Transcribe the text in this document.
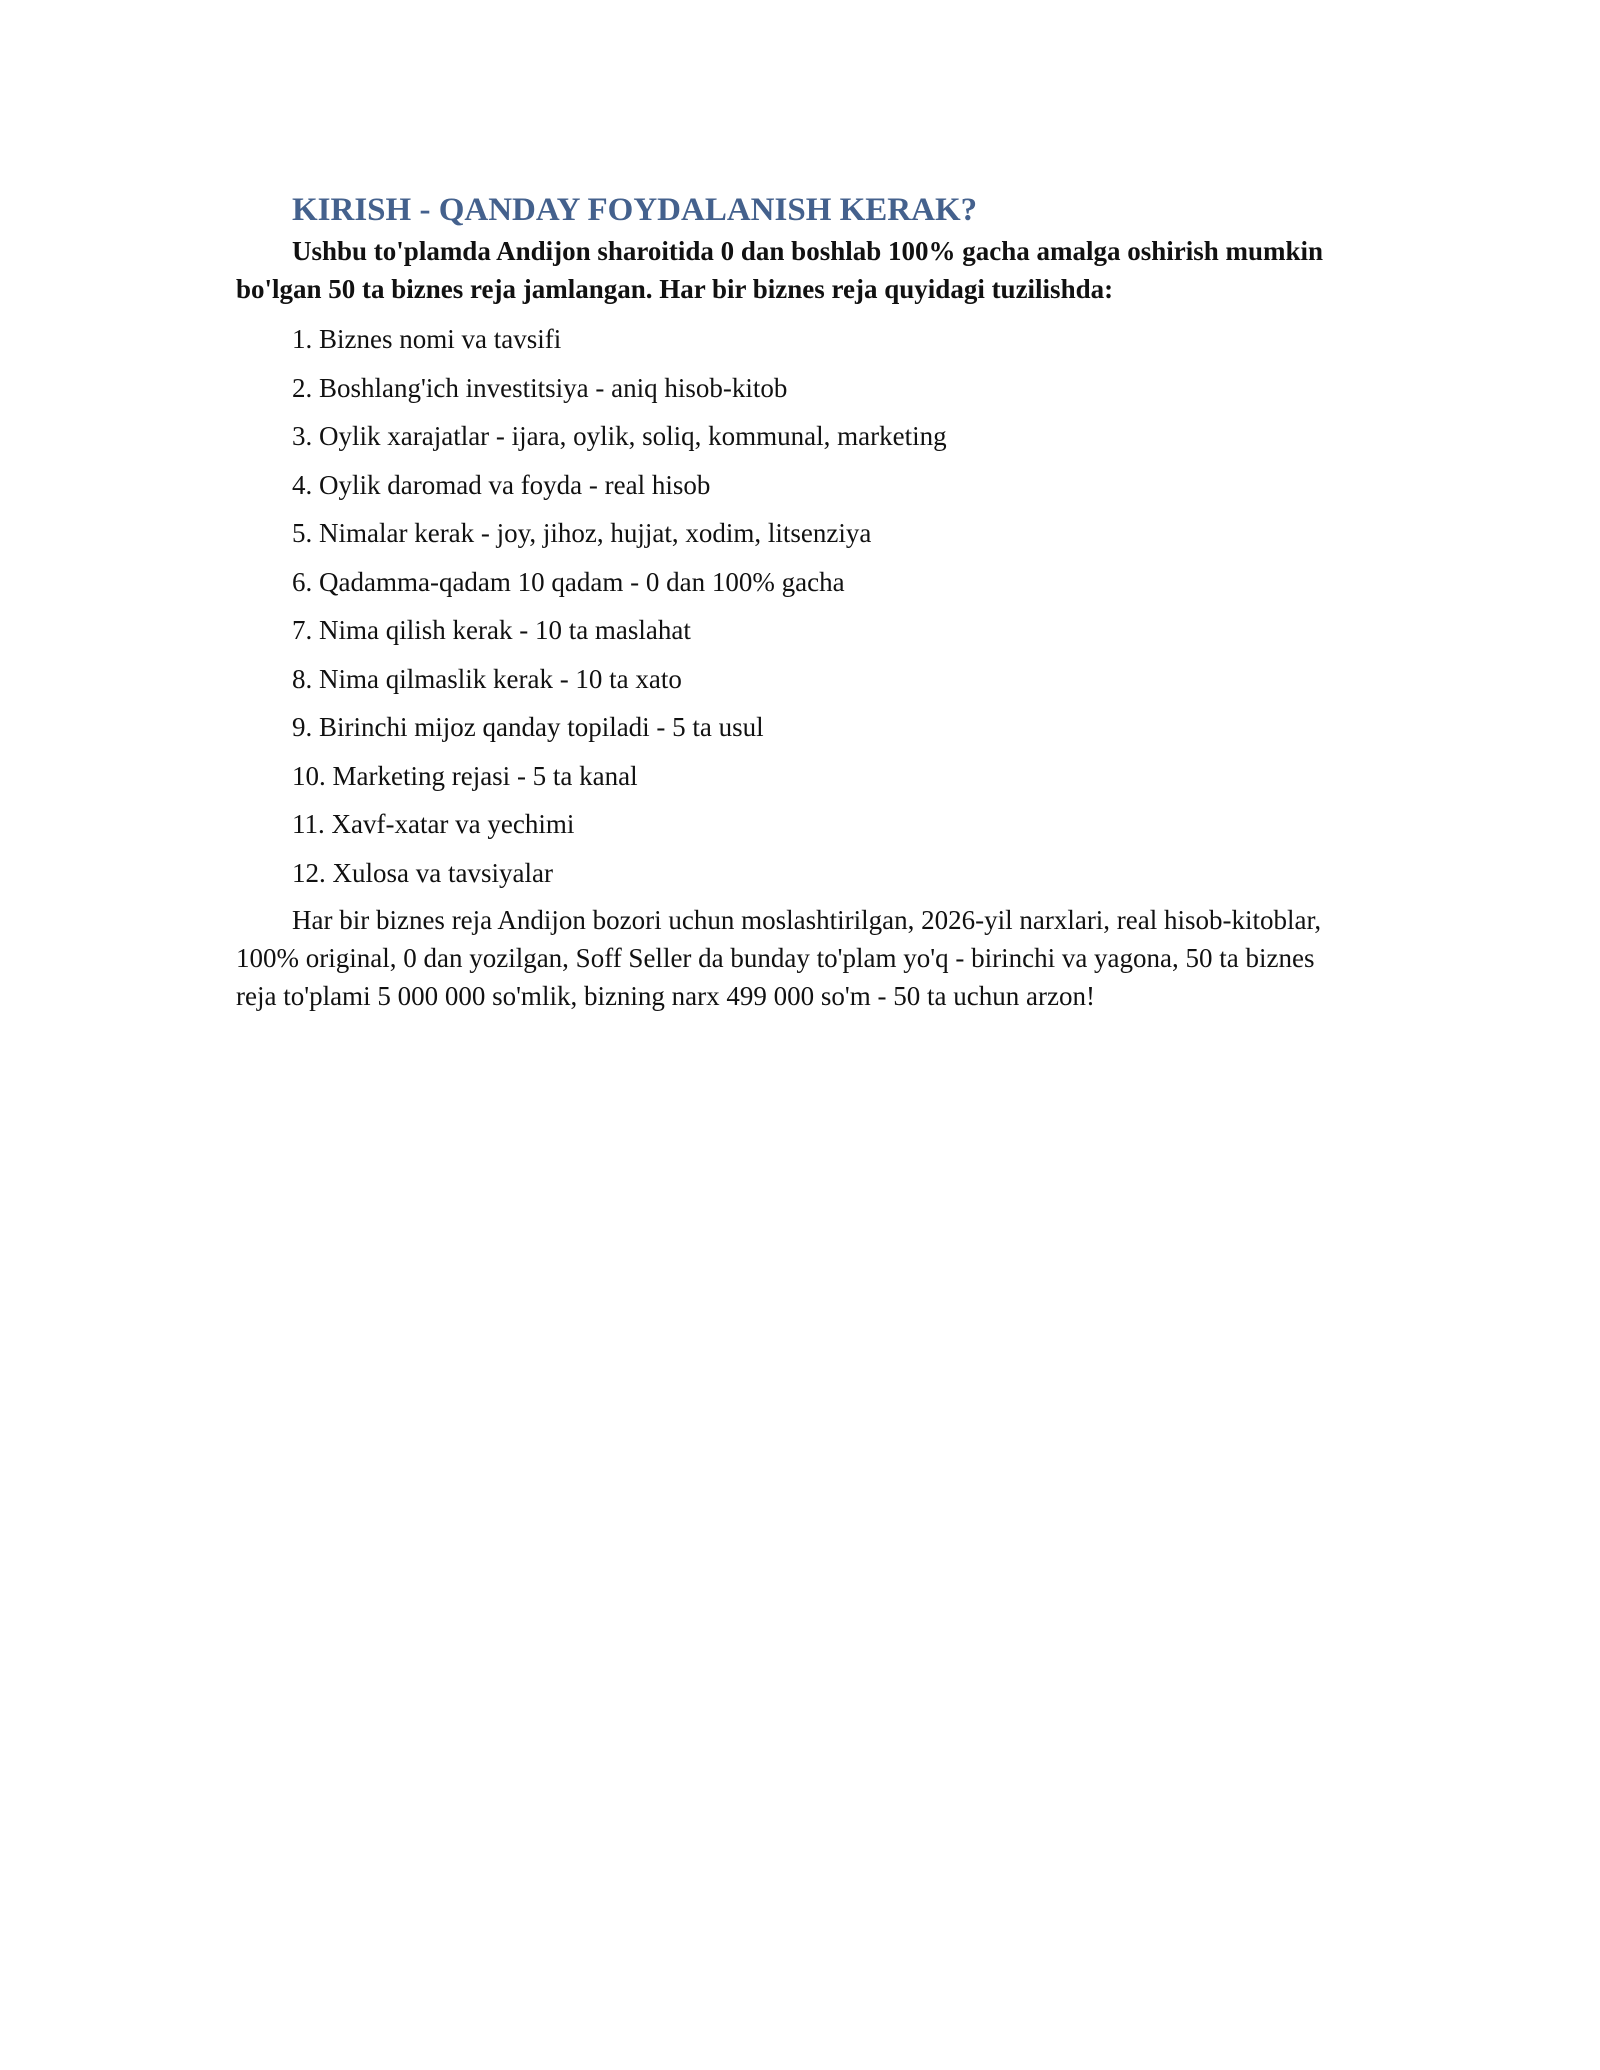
KIRISH - QANDAY FOYDALANISH KERAK?

Ushbu to'plamda Andijon sharoitida 0 dan boshlab 100% gacha amalga oshirish mumkin bo'lgan 50 ta biznes reja jamlangan. Har bir biznes reja quyidagi tuzilishda:

1. Biznes nomi va tavsifi
2. Boshlang'ich investitsiya - aniq hisob-kitob
3. Oylik xarajatlar - ijara, oylik, soliq, kommunal, marketing
4. Oylik daromad va foyda - real hisob
5. Nimalar kerak - joy, jihoz, hujjat, xodim, litsenziya
6. Qadamma-qadam 10 qadam - 0 dan 100% gacha
7. Nima qilish kerak - 10 ta maslahat
8. Nima qilmaslik kerak - 10 ta xato
9. Birinchi mijoz qanday topiladi - 5 ta usul
10. Marketing rejasi - 5 ta kanal
11. Xavf-xatar va yechimi
12. Xulosa va tavsiyalar

Har bir biznes reja Andijon bozori uchun moslashtirilgan, 2026-yil narxlari, real hisob-kitoblar, 100% original, 0 dan yozilgan, Soff Seller da bunday to'plam yo'q - birinchi va yagona, 50 ta biznes reja to'plami 5 000 000 so'mlik, bizning narx 499 000 so'm - 50 ta uchun arzon!
